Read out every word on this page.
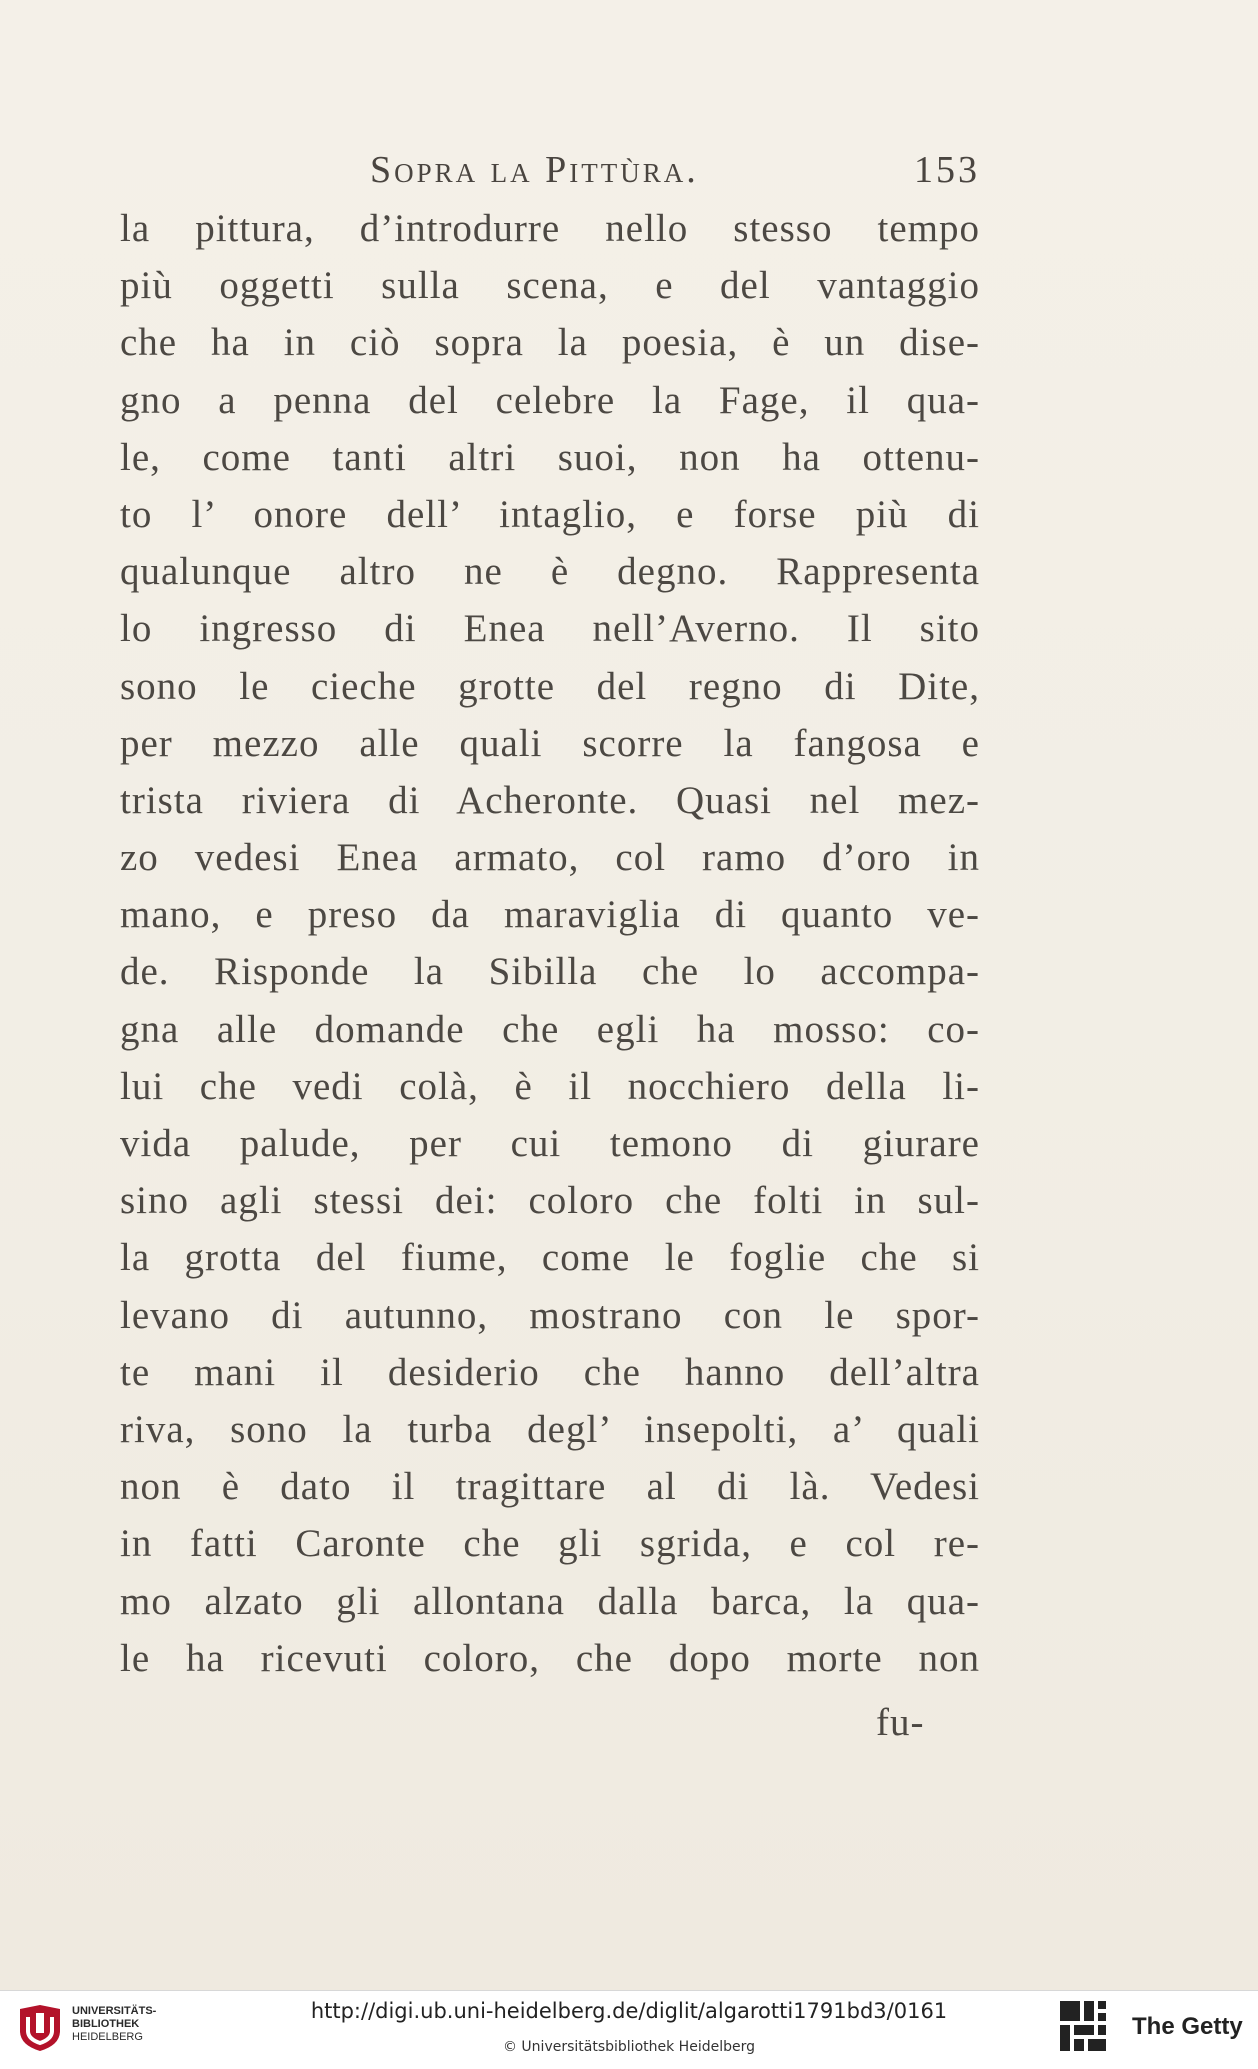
Sopra la Pittùra.	153
la pittura, d’introdurre nello stesso tempo
più oggetti sulla scena, e del vantaggio
che ha in ciò sopra la poesia, è un dise-
gno a penna del celebre la Fage, il qua-
le, come tanti altri suoi, non ha ottenu-
to l’ onore dell’ intaglio, e forse più di
qualunque altro ne è degno. Rappresenta
lo ingresso di Enea nell’Averno. Il sito
sono le cieche grotte del regno di Dite,
per mezzo alle quali scorre la fangosa e
trista riviera di Acheronte. Quasi nel mez-
zo vedesi Enea armato, col ramo d’oro in
mano, e preso da maraviglia di quanto ve-
de. Risponde la Sibilla che lo accompa-
gna alle domande che egli ha mosso: co-
lui che vedi colà, è il nocchiero della li-
vida palude, per cui temono di giurare
sino agli stessi dei: coloro che folti in sul-
la grotta del fiume, come le foglie che si
levano di autunno, mostrano con le spor-
te mani il desiderio che hanno dell’altra
riva, sono la turba degl’ insepolti, a’ quali
non è dato il tragittare al di là. Vedesi
in fatti Caronte che gli sgrida, e col re-
mo alzato gli allontana dalla barca, la qua-
le ha ricevuti coloro, che dopo morte non
fu-
UNIVERSITÄTS-
BIBLIOTHEK
HEIDELBERG
http://digi.ub.uni-heidelberg.de/diglit/algarotti1791bd3/0161
© Universitätsbibliothek Heidelberg
The Getty
